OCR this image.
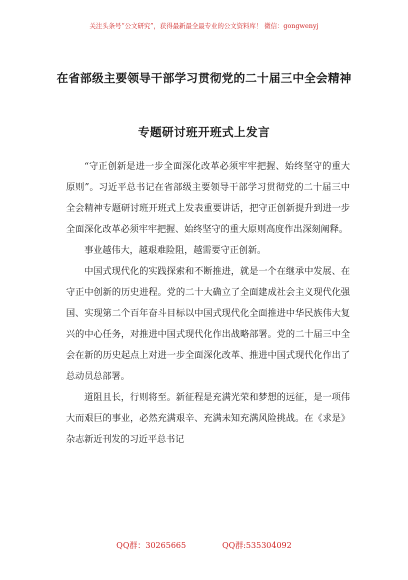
关注头条号“公文研究”，获得最新最全最专业的公文资料库！ 微信：gongwenyj
在省部级主要领导干部学习贯彻党的二十届三中全会精神
专题研讨班开班式上发言

“守正创新是进一步全面深化改革必须牢牢把握、始终坚守的重大原则”。习近平总书记在省部级主要领导干部学习贯彻党的二十届三中全会精神专题研讨班开班式上发表重要讲话，把守正创新提升到进一步全面深化改革必须牢牢把握、始终坚守的重大原则高度作出深刻阐释。

事业越伟大，越艰难险阻，越需要守正创新。

中国式现代化的实践探索和不断推进，就是一个在继承中发展、在守正中创新的历史进程。党的二十大确立了全面建成社会主义现代化强国、实现第二个百年奋斗目标以中国式现代化全面推进中华民族伟大复兴的中心任务，对推进中国式现代化作出战略部署。党的二十届三中全会在新的历史起点上对进一步全面深化改革、推进中国式现代化作出了总动员总部署。

道阻且长，行则将至。新征程是充满光荣和梦想的远征，是一项伟大而艰巨的事业，必然充满艰辛、充满未知充满风险挑战。在《求是》杂志新近刊发的习近平总书记

QQ群：30265665	QQ群:535304092
